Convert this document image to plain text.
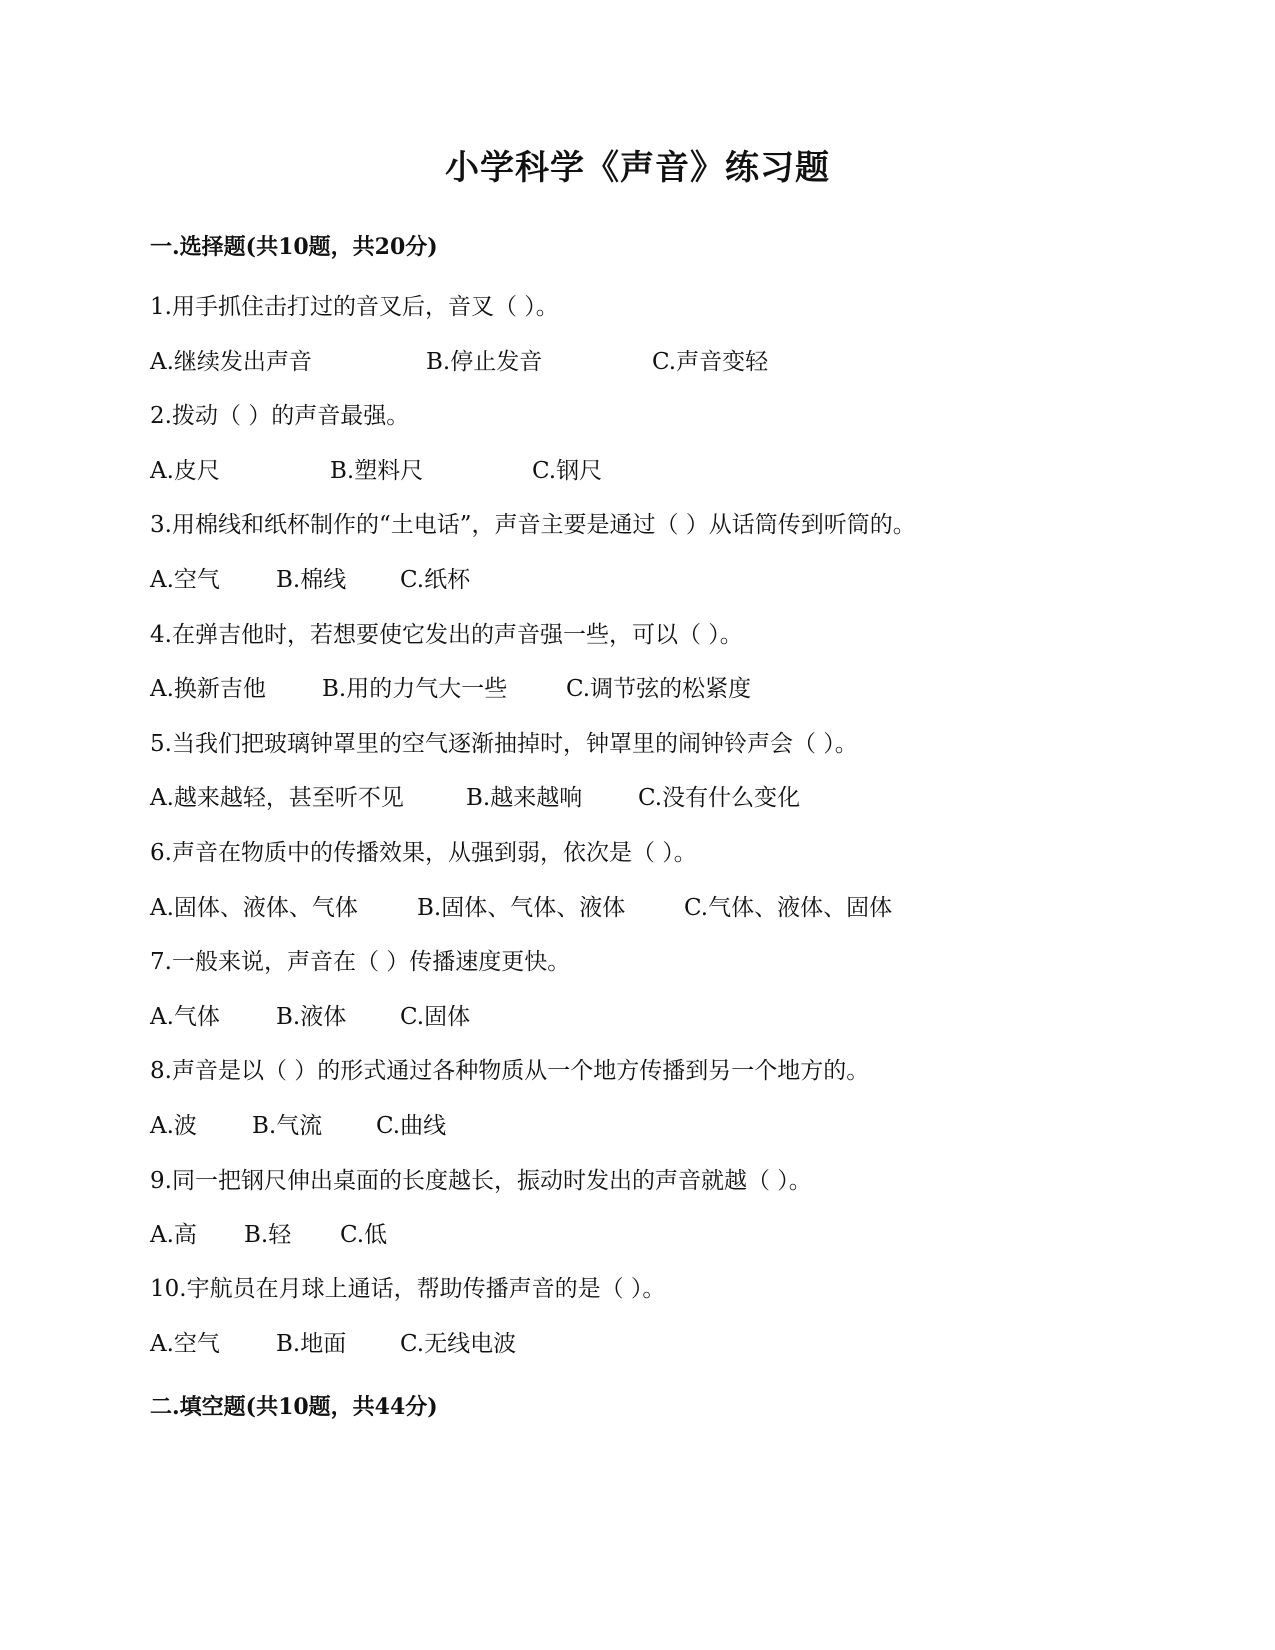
小学科学《声音》练习题
一.选择题(共10题，共20分)
1.用手抓住击打过的音叉后，音叉（ ）。
A.继续发出声音	B.停止发音	C.声音变轻
2.拨动（ ）的声音最强。
A.皮尺	B.塑料尺	C.钢尺
3.用棉线和纸杯制作的“土电话”，声音主要是通过（ ）从话筒传到听筒的。
A.空气 B.棉线 C.纸杯
4.在弹吉他时，若想要使它发出的声音强一些，可以（ ）。
A.换新吉他 B.用的力气大一些	C.调节弦的松紧度
5.当我们把玻璃钟罩里的空气逐渐抽掉时，钟罩里的闹钟铃声会（ ）。
A.越来越轻，甚至听不见	B.越来越响 C.没有什么变化
6.声音在物质中的传播效果，从强到弱，依次是（ ）。
A.固体、液体、气体	B.固体、气体、液体	C.气体、液体、固体
7.一般来说，声音在（ ）传播速度更快。
A.气体 B.液体 C.固体
8.声音是以（ ）的形式通过各种物质从一个地方传播到另一个地方的。
A.波 B.气流 C.曲线
9.同一把钢尺伸出桌面的长度越长，振动时发出的声音就越（ ）。
A.高 B.轻 C.低
10.宇航员在月球上通话，帮助传播声音的是（ ）。
A.空气 B.地面 C.无线电波
二.填空题(共10题，共44分)
